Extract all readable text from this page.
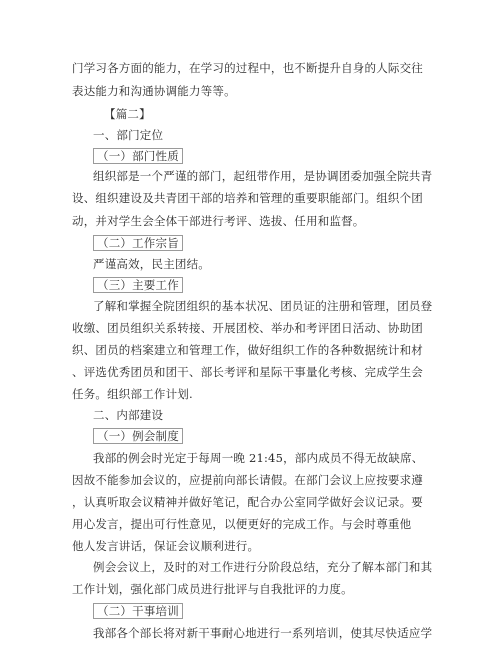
门学习各方面的能力，在学习的过程中，也不断提升自身的人际交往
表达能力和沟通协调能力等等。
【篇二】
一、部门定位
（一）部门性质
组织部是一个严谨的部门，起纽带作用，是协调团委加强全院共青
设、组织建设及共青团干部的培养和管理的重要职能部门。组织个团
动，并对学生会全体干部进行考评、选拔、任用和监督。
（二）工作宗旨
严谨高效，民主团结。
（三）主要工作
了解和掌握全院团组织的基本状况、团员证的注册和管理，团员登
收缴、团员组织关系转接、开展团校、举办和考评团日活动、协助团
织、团员的档案建立和管理工作，做好组织工作的各种数据统计和材
、评选优秀团员和团干、部长考评和星际干事量化考核、完成学生会
任务。组织部工作计划.
二、内部建设
（一）例会制度
我部的例会时光定于每周一晚 21:45，部内成员不得无故缺席、
因故不能参加会议的，应提前向部长请假。在部门会议上应按要求遵
，认真听取会议精神并做好笔记，配合办公室同学做好会议记录。要
用心发言，提出可行性意见，以便更好的完成工作。与会时尊重他
他人发言讲话，保证会议顺利进行。
例会会议上，及时的对工作进行分阶段总结，充分了解本部门和其
工作计划，强化部门成员进行批评与自我批评的力度。
（二）干事培训
我部各个部长将对新干事耐心地进行一系列培训，使其尽快适应学
